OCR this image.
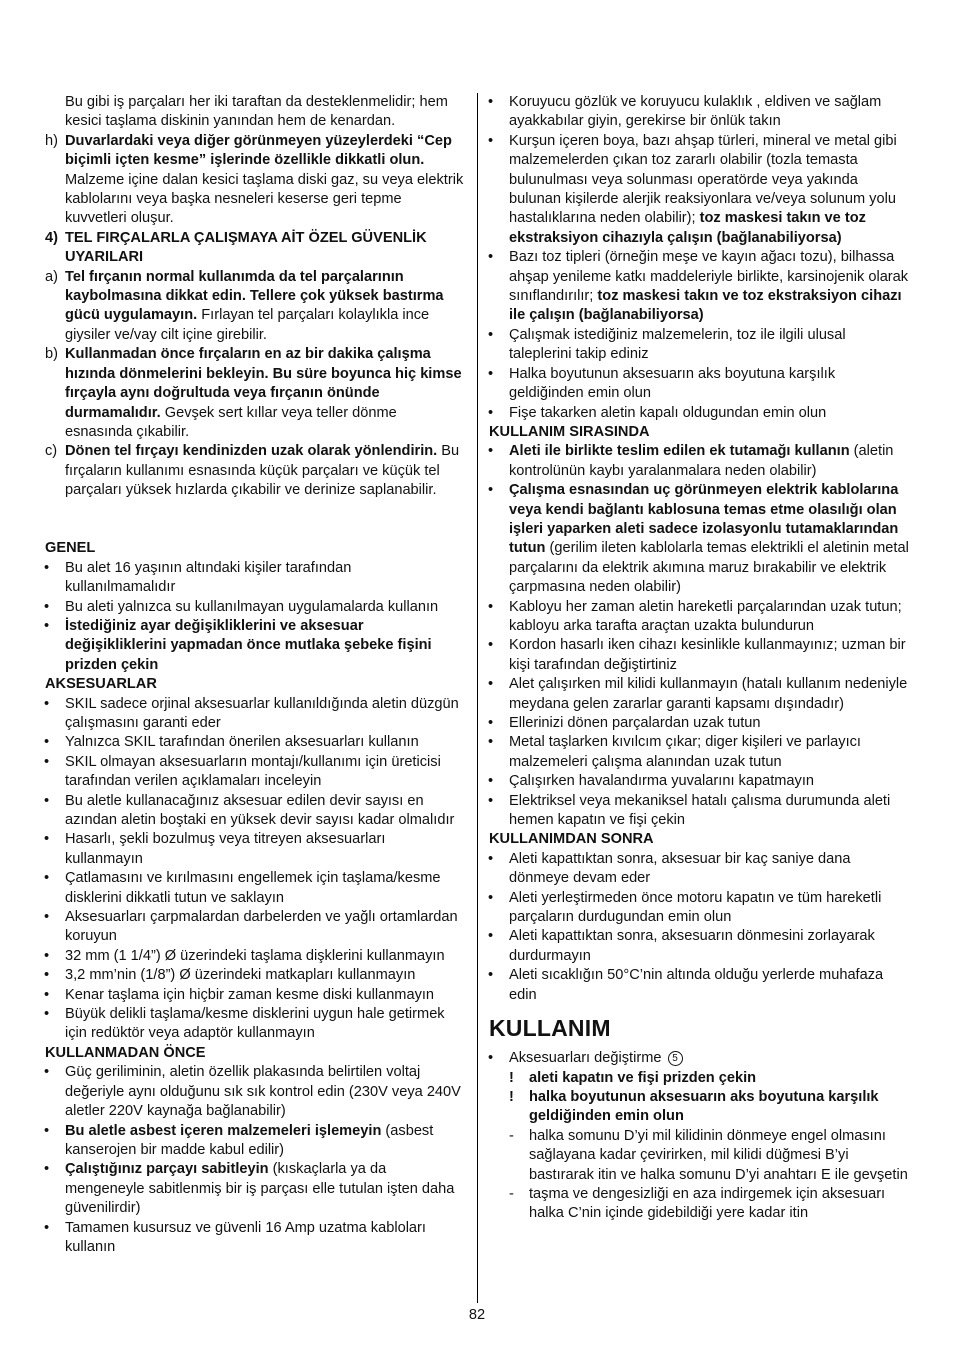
Bu gibi iş parçaları her iki taraftan da desteklenmelidir; hem kesici taşlama diskinin yanından hem de kenardan.
h) Duvarlardaki veya diğer görünmeyen yüzeylerdeki “Cep biçimli içten kesme” işlerinde özellikle dikkatli olun. Malzeme içine dalan kesici taşlama diski gaz, su veya elektrik kablolarını veya başka nesneleri keserse geri tepme kuvvetleri oluşur.
4) TEL FIRÇALARLA ÇALIŞMAYA AİT ÖZEL GÜVENLİK UYARILARI
a) Tel fırçanın normal kullanımda da tel parçalarının kaybolmasına dikkat edin. Tellere çok yüksek bastırma gücü uygulamayın. Fırlayan tel parçaları kolaylıkla ince giysiler ve/vay cilt içine girebilir.
b) Kullanmadan önce fırçaların en az bir dakika çalışma hızında dönmelerini bekleyin. Bu süre boyunca hiç kimse fırçayla aynı doğrultuda veya fırçanın önünde durmamalıdır. Gevşek sert kıllar veya teller dönme esnasında çıkabilir.
c) Dönen tel fırçayı kendinizden uzak olarak yönlendirin. Bu fırçaların kullanımı esnasında küçük parçaları ve küçük tel parçaları yüksek hızlarda çıkabilir ve derinize saplanabilir.
GENEL
•	Bu alet 16 yaşının altındaki kişiler tarafından kullanılmamalıdır
•	Bu aleti yalnızca su kullanılmayan uygulamalarda kullanın
•	İstediğiniz ayar değişikliklerini ve aksesuar değişikliklerini yapmadan önce mutlaka şebeke fişini prizden çekin
AKSESUARLAR
•	SKIL sadece orjinal aksesuarlar kullanıldığında aletin düzgün çalışmasını garanti eder
•	Yalnızca SKIL tarafından önerilen aksesuarları kullanın
•	SKIL olmayan aksesuarların montajı/kullanımı için üreticisi tarafından verilen açıklamaları inceleyin
•	Bu aletle kullanacağınız aksesuar edilen devir sayısı en azından aletin boştaki en yüksek devir sayısı kadar olmalıdır
•	Hasarlı, şekli bozulmuş veya titreyen aksesuarları kullanmayın
•	Çatlamasını ve kırılmasını engellemek için taşlama/kesme disklerini dikkatli tutun ve saklayın
•	Aksesuarları çarpmalardan darbelerden ve yağlı ortamlardan koruyun
•	32 mm (1 1/4”) Ø üzerindeki taşlama dişklerini kullanmayın
•	3,2 mm’nin (1/8”) Ø üzerindeki matkapları kullanmayın
•	Kenar taşlama için hiçbir zaman kesme diski kullanmayın
•	Büyük delikli taşlama/kesme disklerini uygun hale getirmek için redüktör veya adaptör kullanmayın
KULLANMADAN ÖNCE
•	Güç geriliminin, aletin özellik plakasında belirtilen voltaj değeriyle aynı olduğunu sık sık kontrol edin (230V veya 240V aletler 220V kaynağa bağlanabilir)
•	Bu aletle asbest içeren malzemeleri işlemeyin (asbest kanserojen bir madde kabul edilir)
•	Çalıştığınız parçayı sabitleyin (kıskaçlarla ya da mengeneyle sabitlenmiş bir iş parçası elle tutulan işten daha güvenilirdir)
•	Tamamen kusursuz ve güvenli 16 Amp uzatma kabloları kullanın
•	Koruyucu gözlük ve koruyucu kulaklık , eldiven ve sağlam ayakkabılar giyin, gerekirse bir önlük takın
•	Kurşun içeren boya, bazı ahşap türleri, mineral ve metal gibi malzemelerden çıkan toz zararlı olabilir (tozla temasta bulunulması veya solunması operatörde veya yakında bulunan kişilerde alerjik reaksiyonlara ve/veya solunum yolu hastalıklarına neden olabilir); toz maskesi takın ve toz ekstraksiyon cihazıyla çalışın (bağlanabiliyorsa)
•	Bazı toz tipleri (örneğin meşe ve kayın ağacı tozu), bilhassa ahşap yenileme katkı maddeleriyle birlikte, karsinojenik olarak sınıflandırılır; toz maskesi takın ve toz ekstraksiyon cihazı ile çalışın (bağlanabiliyorsa)
•	Çalışmak istediğiniz malzemelerin, toz ile ilgili ulusal taleplerini takip ediniz
•	Halka boyutunun aksesuarın aks boyutuna karşılık geldiğinden emin olun
•	Fişe takarken aletin kapalı oldugundan emin olun
KULLANIM SIRASINDA
•	Aleti ile birlikte teslim edilen ek tutamağı kullanın (aletin kontrolünün kaybı yaralanmalara neden olabilir)
•	Çalışma esnasından uç görünmeyen elektrik kablolarına veya kendi bağlantı kablosuna temas etme olasılığı olan işleri yaparken aleti sadece izolasyonlu tutamaklarından tutun (gerilim ileten kablolarla temas elektrikli el aletinin metal parçalarını da elektrik akımına maruz bırakabilir ve elektrik çarpmasına neden olabilir)
•	Kabloyu her zaman aletin hareketli parçalarından uzak tutun; kabloyu arka tarafta araçtan uzakta bulundurun
•	Kordon hasarlı iken cihazı kesinlikle kullanmayınız; uzman bir kişi tarafından değiştirtiniz
•	Alet çalışırken mil kilidi kullanmayın (hatalı kullanım nedeniyle meydana gelen zararlar garanti kapsamı dışındadır)
•	Ellerinizi dönen parçalardan uzak tutun
•	Metal taşlarken kıvılcım çıkar; diger kişileri ve parlayıcı malzemeleri çalışma alanından uzak tutun
•	Çalışırken havalandırma yuvalarını kapatmayın
•	Elektriksel veya mekaniksel hatalı çalısma durumunda aleti hemen kapatın ve fişi çekin
KULLANIMDAN SONRA
•	Aleti kapattıktan sonra, aksesuar bir kaç saniye dana dönmeye devam eder
•	Aleti yerleştirmeden önce motoru kapatın ve tüm hareketli parçaların durdugundan emin olun
•	Aleti kapattıktan sonra, aksesuarın dönmesini zorlayarak durdurmayın
•	Aleti sıcaklığın 50°C’nin altında olduğu yerlerde muhafaza edin
KULLANIM
•	Aksesuarları değiştirme 5
!	aleti kapatın ve fişi prizden çekin
!	halka boyutunun aksesuarın aks boyutuna karşılık geldiğinden emin olun
-	halka somunu D’yi mil kilidinin dönmeye engel olmasını sağlayana kadar çevirirken, mil kilidi düğmesi B’yi bastırarak itin ve halka somunu D’yi anahtarı E ile gevşetin
-	taşma ve dengesizliği en aza indirgemek için aksesuarı halka C’nin içinde gidebildiği yere kadar itin
82
